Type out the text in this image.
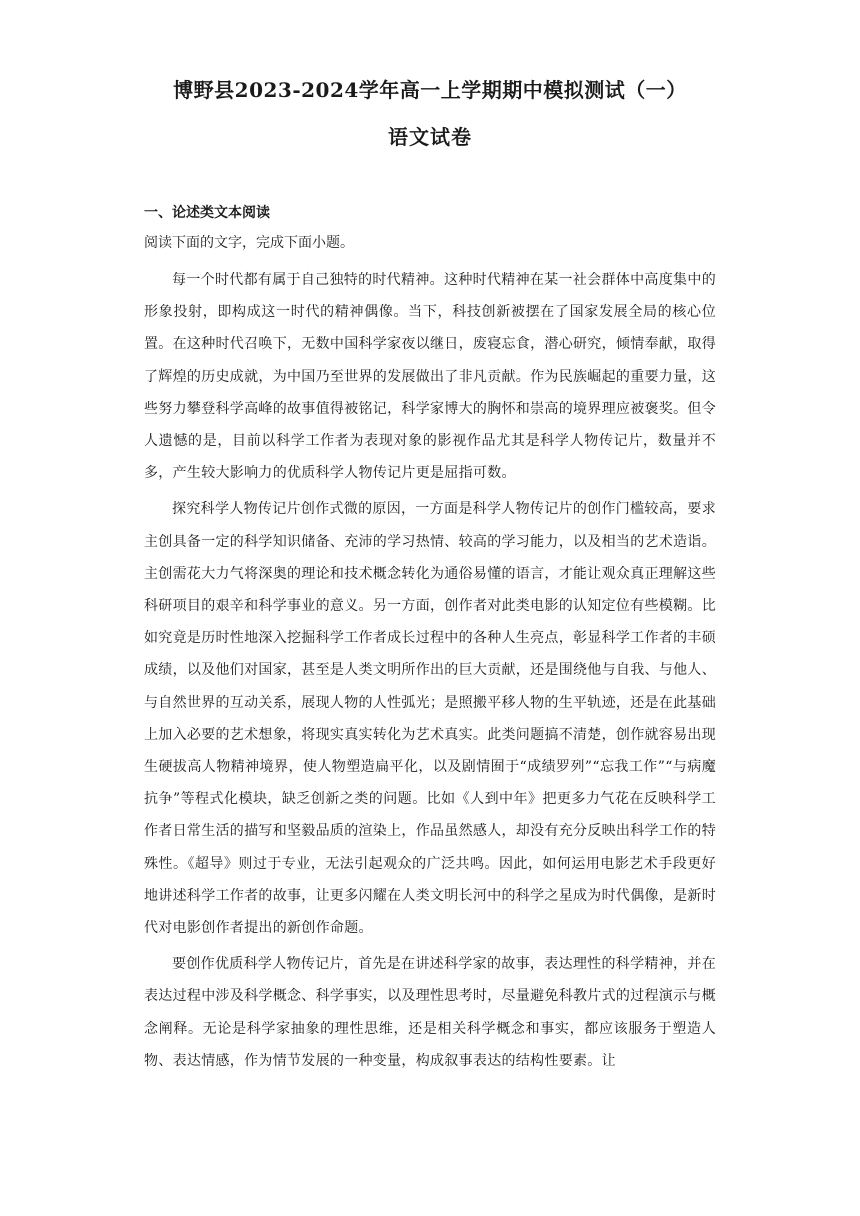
博野县2023-2024学年高一上学期期中模拟测试（一）
语文试卷

一、论述类文本阅读

阅读下面的文字，完成下面小题。

每一个时代都有属于自己独特的时代精神。这种时代精神在某一社会群体中高度集中的形象投射，即构成这一时代的精神偶像。当下，科技创新被摆在了国家发展全局的核心位置。在这种时代召唤下，无数中国科学家夜以继日，废寝忘食，潜心研究，倾情奉献，取得了辉煌的历史成就，为中国乃至世界的发展做出了非凡贡献。作为民族崛起的重要力量，这些努力攀登科学高峰的故事值得被铭记，科学家博大的胸怀和崇高的境界理应被褒奖。但令人遗憾的是，目前以科学工作者为表现对象的影视作品尤其是科学人物传记片，数量并不多，产生较大影响力的优质科学人物传记片更是屈指可数。

探究科学人物传记片创作式微的原因，一方面是科学人物传记片的创作门槛较高，要求主创具备一定的科学知识储备、充沛的学习热情、较高的学习能力，以及相当的艺术造诣。主创需花大力气将深奥的理论和技术概念转化为通俗易懂的语言，才能让观众真正理解这些科研项目的艰辛和科学事业的意义。另一方面，创作者对此类电影的认知定位有些模糊。比如究竟是历时性地深入挖掘科学工作者成长过程中的各种人生亮点，彰显科学工作者的丰硕成绩，以及他们对国家，甚至是人类文明所作出的巨大贡献，还是围绕他与自我、与他人、与自然世界的互动关系，展现人物的人性弧光；是照搬平移人物的生平轨迹，还是在此基础上加入必要的艺术想象，将现实真实转化为艺术真实。此类问题搞不清楚，创作就容易出现生硬拔高人物精神境界，使人物塑造扁平化，以及剧情囿于“成绩罗列”“忘我工作”“与病魔抗争”等程式化模块，缺乏创新之类的问题。比如《人到中年》把更多力气花在反映科学工作者日常生活的描写和坚毅品质的渲染上，作品虽然感人，却没有充分反映出科学工作的特殊性。《超导》则过于专业，无法引起观众的广泛共鸣。因此，如何运用电影艺术手段更好地讲述科学工作者的故事，让更多闪耀在人类文明长河中的科学之星成为时代偶像，是新时代对电影创作者提出的新创作命题。

要创作优质科学人物传记片，首先是在讲述科学家的故事，表达理性的科学精神，并在表达过程中涉及科学概念、科学事实，以及理性思考时，尽量避免科教片式的过程演示与概念阐释。无论是科学家抽象的理性思维，还是相关科学概念和事实，都应该服务于塑造人物、表达情感，作为情节发展的一种变量，构成叙事表达的结构性要素。让
